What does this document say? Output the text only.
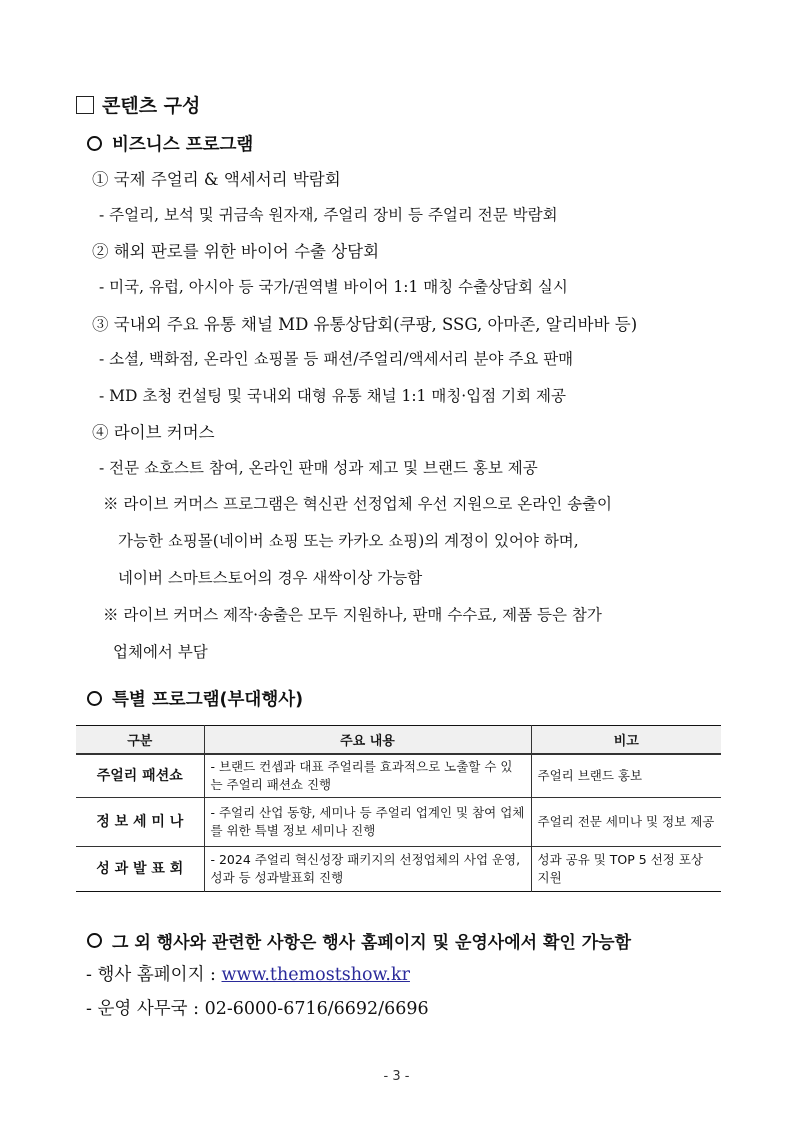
콘텐츠 구성
비즈니스 프로그램
① 국제 주얼리 & 액세서리 박람회
- 주얼리, 보석 및 귀금속 원자재, 주얼리 장비 등 주얼리 전문 박람회
② 해외 판로를 위한 바이어 수출 상담회
- 미국, 유럽, 아시아 등 국가/권역별 바이어 1:1 매칭 수출상담회 실시
③ 국내외 주요 유통 채널 MD 유통상담회(쿠팡, SSG, 아마존, 알리바바 등)
- 소셜, 백화점, 온라인 쇼핑몰 등 패션/주얼리/액세서리 분야 주요 판매
- MD 초청 컨설팅 및 국내외 대형 유통 채널 1:1 매칭·입점 기회 제공
④ 라이브 커머스
- 전문 쇼호스트 참여, 온라인 판매 성과 제고 및 브랜드 홍보 제공
※ 라이브 커머스 프로그램은 혁신관 선정업체 우선 지원으로 온라인 송출이
가능한 쇼핑몰(네이버 쇼핑 또는 카카오 쇼핑)의 계정이 있어야 하며,
네이버 스마트스토어의 경우 새싹이상 가능함
※ 라이브 커머스 제작·송출은 모두 지원하나, 판매 수수료, 제품 등은 참가
업체에서 부담
특별 프로그램(부대행사)
구분	주요 내용	비고
주얼리 패션쇼	- 브랜드 컨셉과 대표 주얼리를 효과적으로 노출할 수 있는 주얼리 패션쇼 진행	주얼리 브랜드 홍보
정 보 세 미 나	- 주얼리 산업 동향, 세미나 등 주얼리 업계인 및 참여 업체를 위한 특별 정보 세미나 진행	주얼리 전문 세미나 및 정보 제공
성 과 발 표 회	- 2024 주얼리 혁신성장 패키지의 선정업체의 사업 운영, 성과 등 성과발표회 진행	성과 공유 및 TOP 5 선정 포상 지원
그 외 행사와 관련한 사항은 행사 홈페이지 및 운영사에서 확인 가능함
- 행사 홈페이지 : www.themostshow.kr
- 운영 사무국 : 02-6000-6716/6692/6696
- 3 -
